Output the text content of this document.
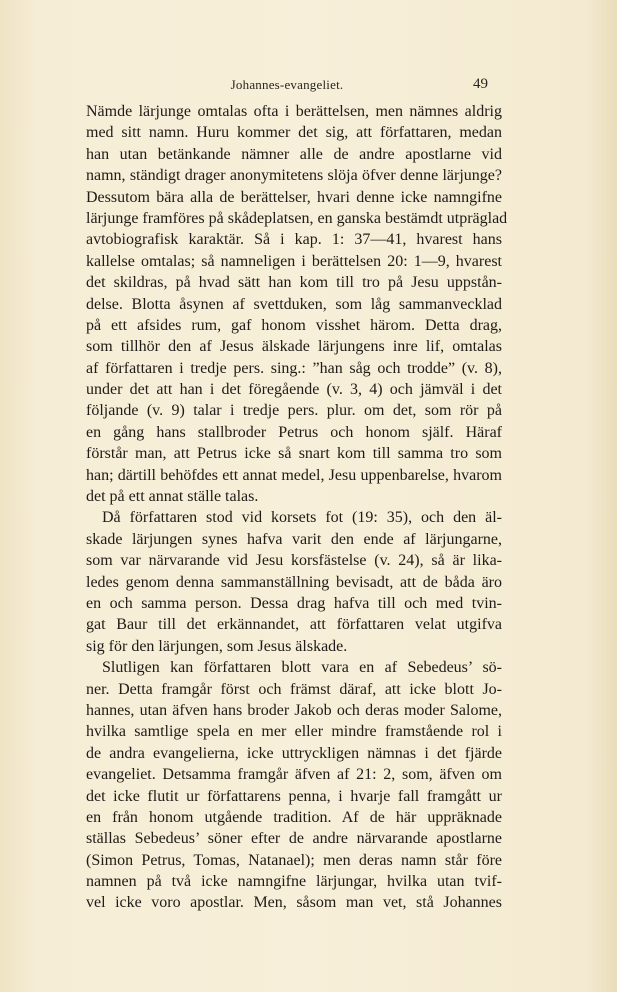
Johannes-evangeliet.	49
Nämde lärjunge omtalas ofta i berättelsen, men nämnes aldrig
med sitt namn. Huru kommer det sig, att författaren, medan
han utan betänkande nämner alle de andre apostlarne vid
namn, ständigt drager anonymitetens slöja öfver denne lärjunge?
Dessutom bära alla de berättelser, hvari denne icke namngifne
lärjunge framföres på skådeplatsen, en ganska bestämdt utpräglad
avtobiografisk karaktär. Så i kap. 1: 37—41, hvarest hans
kallelse omtalas; så namneligen i berättelsen 20: 1—9, hvarest
det skildras, på hvad sätt han kom till tro på Jesu uppstån-
delse. Blotta åsynen af svettduken, som låg sammanvecklad
på ett afsides rum, gaf honom visshet härom. Detta drag,
som tillhör den af Jesus älskade lärjungens inre lif, omtalas
af författaren i tredje pers. sing.: ”han såg och trodde” (v. 8),
under det att han i det föregående (v. 3, 4) och jämväl i det
följande (v. 9) talar i tredje pers. plur. om det, som rör på
en gång hans stallbroder Petrus och honom själf. Häraf
förstår man, att Petrus icke så snart kom till samma tro som
han; därtill behöfdes ett annat medel, Jesu uppenbarelse, hvarom
det på ett annat ställe talas.
Då författaren stod vid korsets fot (19: 35), och den äl-
skade lärjungen synes hafva varit den ende af lärjungarne,
som var närvarande vid Jesu korsfästelse (v. 24), så är lika-
ledes genom denna sammanställning bevisadt, att de båda äro
en och samma person. Dessa drag hafva till och med tvin-
gat Baur till det erkännandet, att författaren velat utgifva
sig för den lärjungen, som Jesus älskade.
Slutligen kan författaren blott vara en af Sebedeus’ sö-
ner. Detta framgår först och främst däraf, att icke blott Jo-
hannes, utan äfven hans broder Jakob och deras moder Salome,
hvilka samtlige spela en mer eller mindre framstående rol i
de andra evangelierna, icke uttryckligen nämnas i det fjärde
evangeliet. Detsamma framgår äfven af 21: 2, som, äfven om
det icke flutit ur författarens penna, i hvarje fall framgått ur
en från honom utgående tradition. Af de här uppräknade
ställas Sebedeus’ söner efter de andre närvarande apostlarne
(Simon Petrus, Tomas, Natanael); men deras namn står före
namnen på två icke namngifne lärjungar, hvilka utan tvif-
vel icke voro apostlar. Men, såsom man vet, stå Johannes
